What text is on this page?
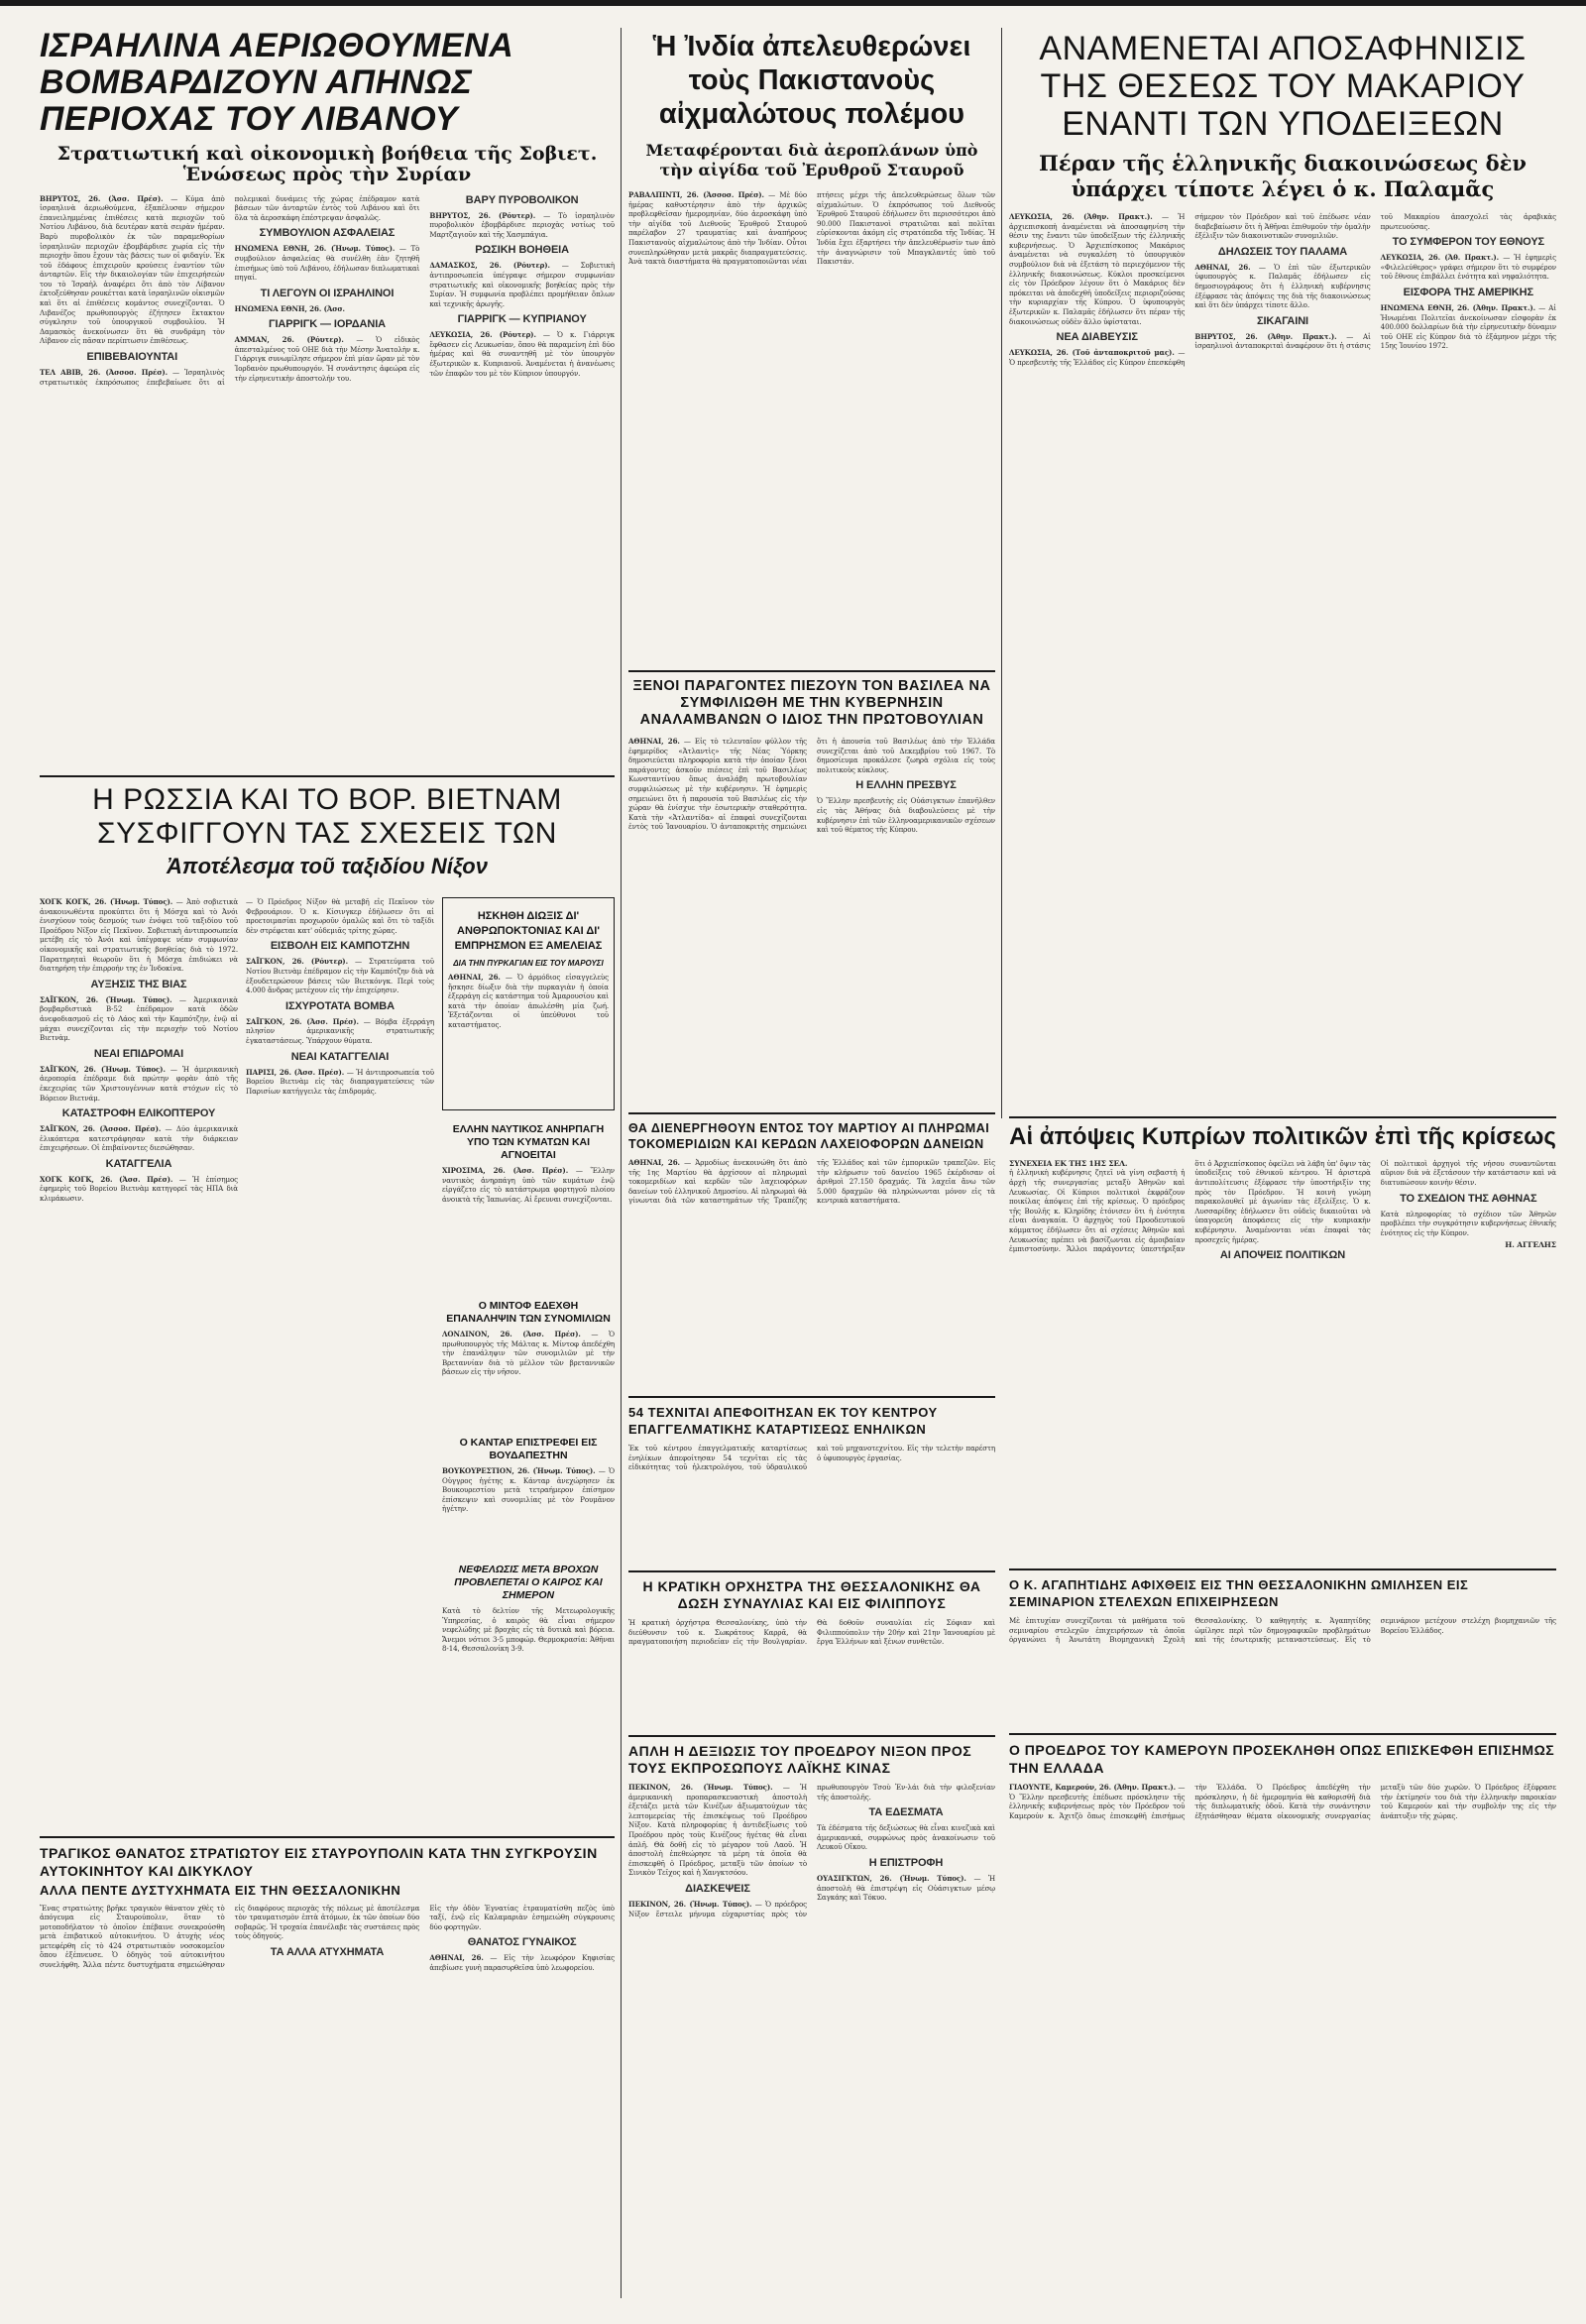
ΙΣΡΑΗΛΙΝΑ ΑΕΡΙΩΘΟΥΜΕΝΑ ΒΟΜΒΑΡΔΙΖΟΥΝ ΑΠΗΝΩΣ ΠΕΡΙΟΧΑΣ ΤΟΥ ΛΙΒΑΝΟΥ
Στρατιωτική καὶ οἰκονομικὴ βοήθεια τῆς Σοβιετ. Ἑνώσεως πρὸς τὴν Συρίαν

ΒΗΡΥΤΟΣ, 26. (Ἀσσ. Πρέσ). — Κύμα ἀπὸ ἰσραηλινὰ ἀεριωθούμενα, ἐξαπέλυσαν σήμερον ἐπανειλημμένας ἐπιθέσεις κατὰ περιοχῶν τοῦ Νοτίου Λιβάνου, διὰ δευτέραν κατὰ σειρὰν ἡμέραν. Βαρὺ πυροβολικὸν ἐκ τῶν παραμεθορίων ἰσραηλινῶν περιοχῶν ἐβομβάρδισε χωρία εἰς τὴν περιοχὴν ὅπου ἔχουν τὰς βάσεις των οἱ φιδαγίν. Ἐκ τοῦ ἐδάφους ἐπιχειροῦν κρούσεις ἐναντίον τῶν ἀνταρτῶν. Εἰς τὴν δικαιολογίαν τῶν ἐπιχειρήσεών του τὸ Ἰσραὴλ ἀναφέρει ὅτι ἀπὸ τὸν Λίβανον ἐκτοξεύθησαν ρουκέτται κατὰ ἰσραηλινῶν οἰκισμῶν καὶ ὅτι αἱ ἐπιθέσεις κομάντος συνεχίζονται. Ὁ Λιβανέζος πρωθυπουργὸς ἐζήτησεν ἔκτακτον σύγκλησιν τοῦ ὑπουργικοῦ συμβουλίου. Ἡ Δαμασκὸς ἀνεκοίνωσεν ὅτι θὰ συνδράμη τὸν Λίβανον εἰς πᾶσαν περίπτωσιν ἐπιθέσεως.

ΕΠΙΒΕΒΑΙΟΥΝΤΑΙ

ΤΕΛ ΑΒΙΒ, 26. (Ἀσσοσ. Πρέσ). — Ἰσραηλινὸς στρατιωτικὸς ἐκπρόσωπος ἐπεβεβαίωσε ὅτι αἱ πολεμικαὶ δυνάμεις τῆς χώρας ἐπέδραμον κατὰ βάσεων τῶν ἀνταρτῶν ἐντὸς τοῦ Λιβάνου καὶ ὅτι ὅλα τὰ ἀεροσκάφη ἐπέστρεψαν ἀσφαλῶς.

ΣΥΜΒΟΥΛΙΟΝ ΑΣΦΑΛΕΙΑΣ

ΗΝΩΜΕΝΑ ΕΘΝΗ, 26. (Ἡνωμ. Τύπος). — Τὸ συμβούλιον ἀσφαλείας θὰ συνέλθη ἐὰν ζητηθῆ ἐπισήμως ὑπὸ τοῦ Λιβάνου, ἐδήλωσαν διπλωματικαὶ πηγαί.

ΤΙ ΛΕΓΟΥΝ ΟΙ ΙΣΡΑΗΛΙΝΟΙ

ΗΝΩΜΕΝΑ ΕΘΝΗ, 26. (Ἀσσ.

ΓΙΑΡΡΙΓΚ — ΙΟΡΔΑΝΙΑ

ΑΜΜΑΝ, 26. (Ρόυτερ). — Ὁ εἰδικὸς ἀπεσταλμένος τοῦ ΟΗΕ διὰ τὴν Μέσην Ἀνατολὴν κ. Γιάρριγκ συνωμίλησε σήμερον ἐπὶ μίαν ὥραν μὲ τὸν Ἰορδανὸν πρωθυπουργόν. Ἡ συνάντησις ἀφεώρα εἰς τὴν εἰρηνευτικὴν ἀποστολήν του.

ΒΑΡΥ ΠΥΡΟΒΟΛΙΚΟΝ

ΒΗΡΥΤΟΣ, 26. (Ρόυτερ). — Τὸ ἰσραηλινὸν πυροβολικὸν ἐβομβάρδισε περιοχὰς νοτίως τοῦ Μαρτζαγιοῦν καὶ τῆς Χασμπάγια.

ΡΩΣΙΚΗ ΒΟΗΘΕΙΑ

ΔΑΜΑΣΚΟΣ, 26. (Ρόυτερ). — Σοβιετικὴ ἀντιπροσωπεία ὑπέγραψε σήμερον συμφωνίαν στρατιωτικῆς καὶ οἰκονομικῆς βοηθείας πρὸς τὴν Συρίαν. Ἡ συμφωνία προβλέπει προμήθειαν ὅπλων καὶ τεχνικῆς ἀρωγῆς.

ΓΙΑΡΡΙΓΚ — ΚΥΠΡΙΑΝΟΥ

ΛΕΥΚΩΣΙΑ, 26. (Ρόυτερ). — Ὁ κ. Γιάρριγκ ἔφθασεν εἰς Λευκωσίαν, ὅπου θὰ παραμείνη ἐπὶ δύο ἡμέρας καὶ θὰ συναντηθῆ μὲ τὸν ὑπουργὸν ἐξωτερικῶν κ. Κυπριανοῦ. Ἀναμένεται ἡ ἀνανέωσις τῶν ἐπαφῶν του μὲ τὸν Κύπριον ὑπουργόν.

Ἡ Ἰνδία ἀπελευθερώνει τοὺς Πακιστανοὺς αἰχμαλώτους πολέμου
Μεταφέρονται διὰ ἀεροπλάνων ὑπὸ τὴν αἰγίδα τοῦ Ἐρυθροῦ Σταυροῦ

ΡΑΒΑΛΠΙΝΤΙ, 26. (Ἀσσοσ. Πρέσ). — Μὲ δύο ἡμέρας καθυστέρησιν ἀπὸ τὴν ἀρχικῶς προβλεφθεῖσαν ἡμερομηνίαν, δύο ἀεροσκάφη ὑπὸ τὴν αἰγίδα τοῦ Διεθνοῦς Ἐρυθροῦ Σταυροῦ παρέλαβον 27 τραυματίας καὶ ἀναπήρους Πακιστανοὺς αἰχμαλώτους ἀπὸ τὴν Ἰνδίαν. Οὗτοι συνεπληρώθησαν μετὰ μακρᾶς διαπραγματεύσεις. Ἀνὰ τακτὰ διαστήματα θὰ πραγματοποιῶνται νέαι πτήσεις μέχρι τῆς ἀπελευθερώσεως ὅλων τῶν αἰχμαλώτων. Ὁ ἐκπρόσωπος τοῦ Διεθνοῦς Ἐρυθροῦ Σταυροῦ ἐδήλωσεν ὅτι περισσότεροι ἀπὸ 90.000 Πακιστανοὶ στρατιῶται καὶ πολῖται εὑρίσκονται ἀκόμη εἰς στρατόπεδα τῆς Ἰνδίας. Ἡ Ἰνδία ἔχει ἐξαρτήσει τὴν ἀπελευθέρωσίν των ἀπὸ τὴν ἀναγνώρισιν τοῦ Μπαγκλαντές ὑπὸ τοῦ Πακιστάν.

ΑΝΑΜΕΝΕΤΑΙ ΑΠΟΣΑΦΗΝΙΣΙΣ ΤΗΣ ΘΕΣΕΩΣ ΤΟΥ ΜΑΚΑΡΙΟΥ ΕΝΑΝΤΙ ΤΩΝ ΥΠΟΔΕΙΞΕΩΝ
Πέραν τῆς ἑλληνικῆς διακοινώσεως δὲν ὑπάρχει τίποτε λέγει ὁ κ. Παλαμᾶς

ΛΕΥΚΩΣΙΑ, 26. (Ἀθην. Πρακτ.). — Ἡ ἀρχιεπισκοπὴ ἀναμένεται νὰ ἀποσαφηνίση τὴν θέσιν της ἔναντι τῶν ὑποδείξεων τῆς ἑλληνικῆς κυβερνήσεως. Ὁ Ἀρχιεπίσκοπος Μακάριος ἀναμένεται νὰ συγκαλέση τὸ ὑπουργικὸν συμβούλιον διὰ νὰ ἐξετάση τὸ περιεχόμενον τῆς ἑλληνικῆς διακοινώσεως. Κύκλοι προσκείμενοι εἰς τὸν Πρόεδρον λέγουν ὅτι ὁ Μακάριος δὲν πρόκειται νὰ ἀποδεχθῆ ὑποδείξεις περιοριζούσας τὴν κυριαρχίαν τῆς Κύπρου. Ὁ ὑφυπουργὸς ἐξωτερικῶν κ. Παλαμᾶς ἐδήλωσεν ὅτι πέραν τῆς διακοινώσεως οὐδὲν ἄλλο ὑφίσταται.

ΝΕΑ ΔΙΑΒΕΥΣΙΣ

ΛΕΥΚΩΣΙΑ, 26. (Τοῦ ἀνταποκριτοῦ μας). — Ὁ πρεσβευτὴς τῆς Ἑλλάδος εἰς Κύπρον ἐπεσκέφθη σήμερον τὸν Πρόεδρον καὶ τοῦ ἐπέδωσε νέαν διαβεβαίωσιν ὅτι ἡ Ἀθῆναι ἐπιθυμοῦν τὴν ὁμαλὴν ἐξέλιξιν τῶν διακοινοτικῶν συνομιλιῶν.

ΔΗΛΩΣΕΙΣ ΤΟΥ ΠΑΛΑΜΑ

ΑΘΗΝΑΙ, 26. — Ὁ ἐπὶ τῶν ἐξωτερικῶν ὑφυπουργὸς κ. Παλαμᾶς ἐδήλωσεν εἰς δημοσιογράφους ὅτι ἡ ἑλληνικὴ κυβέρνησις ἐξέφρασε τὰς ἀπόψεις της διὰ τῆς διακοινώσεως καὶ ὅτι δὲν ὑπάρχει τίποτε ἄλλο.

ΣΙΚΑΓΑΙΝΙ

ΒΗΡΥΤΟΣ, 26. (Ἀθην. Πρακτ.). — Αἱ ἰσραηλινοὶ ἀνταποκριταὶ ἀναφέρουν ὅτι ἡ στάσις τοῦ Μακαρίου ἀπασχολεῖ τὰς ἀραβικὰς πρωτευούσας.

ΤΟ ΣΥΜΦΕΡΟΝ ΤΟΥ ΕΘΝΟΥΣ

ΛΕΥΚΩΣΙΑ, 26. (Ἀθ. Πρακτ.). — Ἡ ἐφημερὶς «Φιλελεύθερος» γράφει σήμερον ὅτι τὸ συμφέρον τοῦ ἔθνους ἐπιβάλλει ἑνότητα καὶ νηφαλιότητα.

ΕΙΣΦΟΡΑ ΤΗΣ ΑΜΕΡΙΚΗΣ

ΗΝΩΜΕΝΑ ΕΘΝΗ, 26. (Ἀθην. Πρακτ.). — Αἱ Ἡνωμέναι Πολιτεῖαι ἀνεκοίνωσαν εἰσφορὰν ἐκ 400.000 δολλαρίων διὰ τὴν εἰρηνευτικὴν δύναμιν τοῦ ΟΗΕ εἰς Κύπρον διὰ τὸ ἑξάμηνον μέχρι τῆς 15ης Ἰουνίου 1972.

ΞΕΝΟΙ ΠΑΡΑΓΟΝΤΕΣ ΠΙΕΖΟΥΝ ΤΟΝ ΒΑΣΙΛΕΑ ΝΑ ΣΥΜΦΙΛΙΩΘΗ ΜΕ ΤΗΝ ΚΥΒΕΡΝΗΣΙΝ ΑΝΑΛΑΜΒΑΝΩΝ Ο ΙΔΙΟΣ ΤΗΝ ΠΡΩΤΟΒΟΥΛΙΑΝ

ΑΘΗΝΑΙ, 26. — Εἰς τὸ τελευταῖον φύλλον τῆς ἐφημερίδος «Ἀτλαντὶς» τῆς Νέας Ὑόρκης δημοσιεύεται πληροφορία κατὰ τὴν ὁποίαν ξένοι παράγοντες ἀσκοῦν πιέσεις ἐπὶ τοῦ Βασιλέως Κωνσταντίνου ὅπως ἀναλάβη πρωτοβουλίαν συμφιλιώσεως μὲ τὴν κυβέρνησιν. Ἡ ἐφημερὶς σημειώνει ὅτι ἡ παρουσία τοῦ Βασιλέως εἰς τὴν χώραν θὰ ἐνίσχυε τὴν ἐσωτερικὴν σταθερότητα. Κατὰ τὴν «Ἀτλαντίδα» αἱ ἐπαφαὶ συνεχίζονται ἐντὸς τοῦ Ἰανουαρίου. Ὁ ἀνταποκριτὴς σημειώνει ὅτι ἡ ἀπουσία τοῦ Βασιλέως ἀπὸ τὴν Ἑλλάδα συνεχίζεται ἀπὸ τοῦ Δεκεμβρίου τοῦ 1967. Τὸ δημοσίευμα προκάλεσε ζωηρὰ σχόλια εἰς τοὺς πολιτικοὺς κύκλους.

Η ΕΛΛΗΝ ΠΡΕΣΒΥΣ

Ὁ Ἕλλην πρεσβευτὴς εἰς Οὐάσιγκτων ἐπανῆλθεν εἰς τὰς Ἀθήνας διὰ διαβουλεύσεις μὲ τὴν κυβέρνησιν ἐπὶ τῶν ἑλληνοαμερικανικῶν σχέσεων καὶ τοῦ θέματος τῆς Κύπρου.

Η ΡΩΣΣΙΑ ΚΑΙ ΤΟ ΒΟΡ. ΒΙΕΤΝΑΜ ΣΥΣΦΙΓΓΟΥΝ ΤΑΣ ΣΧΕΣΕΙΣ ΤΩΝ
Ἀποτέλεσμα τοῦ ταξιδίου Νίξον

ΧΟΓΚ ΚΟΓΚ, 26. (Ἡνωμ. Τύπος). — Ἀπὸ σοβιετικὰ ἀνακοινωθέντα προκύπτει ὅτι ἡ Μόσχα καὶ τὸ Ἀνόι ἐνισχύουν τοὺς δεσμούς των ἐνόψει τοῦ ταξιδίου τοῦ Προέδρου Νίξον εἰς Πεκῖνον. Σοβιετικὴ ἀντιπροσωπεία μετέβη εἰς τὸ Ἀνόι καὶ ὑπέγραψε νέαν συμφωνίαν οἰκονομικῆς καὶ στρατιωτικῆς βοηθείας διὰ τὸ 1972. Παρατηρηταὶ θεωροῦν ὅτι ἡ Μόσχα ἐπιδιώκει νὰ διατηρήση τὴν ἐπιρροήν της ἐν Ἰνδοκίνα.

ΑΥΞΗΣΙΣ ΤΗΣ ΒΙΑΣ

ΣΑΪΓΚΟΝ, 26. (Ἡνωμ. Τύπος). — Ἀμερικανικὰ βομβαρδιστικὰ Β-52 ἐπέδραμον κατὰ ὁδῶν ἀνεφοδιασμοῦ εἰς τὸ Λάος καὶ τὴν Καμπότζην, ἐνῷ αἱ μάχαι συνεχίζονται εἰς τὴν περιοχὴν τοῦ Νοτίου Βιετνὰμ.

ΝΕΑΙ ΕΠΙΔΡΟΜΑΙ

ΣΑΪΓΚΟΝ, 26. (Ἡνωμ. Τύπος). — Ἡ ἀμερικανικὴ ἀεροπορία ἐπέδραμε διὰ πρώτην φορὰν ἀπὸ τῆς ἐκεχειρίας τῶν Χριστουγέννων κατὰ στόχων εἰς τὸ Βόρειον Βιετνάμ.

ΚΑΤΑΣΤΡΟΦΗ ΕΛΙΚΟΠΤΕΡΟΥ

ΣΑΪΓΚΟΝ, 26. (Ἀσσοσ. Πρέσ). — Δύο ἀμερικανικὰ ἑλικόπτερα κατεστράφησαν κατὰ τὴν διάρκειαν ἐπιχειρήσεων. Οἱ ἐπιβαίνοντες διεσώθησαν.

ΚΑΤΑΓΓΕΛΙΑ

ΧΟΓΚ ΚΟΓΚ, 26. (Ἀσσ. Πρέσ). — Ἡ ἐπίσημος ἐφημερὶς τοῦ Βορείου Βιετνὰμ κατηγορεῖ τὰς ΗΠΑ διὰ κλιμάκωσιν.

— Ὁ Πρόεδρος Νίξον θὰ μεταβῆ εἰς Πεκῖνον τὸν Φεβρουάριον. Ὁ κ. Κίσινγκερ ἐδήλωσεν ὅτι αἱ προετοιμασίαι προχωροῦν ὁμαλῶς καὶ ὅτι τὸ ταξίδι δὲν στρέφεται κατ' οὐδεμιᾶς τρίτης χώρας.

ΕΙΣΒΟΛΗ ΕΙΣ ΚΑΜΠΟΤΖΗΝ

ΣΑΪΓΚΟΝ, 26. (Ρόυτερ). — Στρατεύματα τοῦ Νοτίου Βιετνὰμ ἐπέδραμον εἰς τὴν Καμπότζην διὰ νὰ ἐξουδετερώσουν βάσεις τῶν Βιετκόνγκ. Περὶ τοὺς 4.000 ἄνδρας μετέχουν εἰς τὴν ἐπιχείρησιν.

ΙΣΧΥΡΟΤΑΤΑ ΒΟΜΒΑ

ΣΑΪΓΚΟΝ, 26. (Ἀσσ. Πρέσ). — Βόμβα ἐξερράγη πλησίον ἀμερικανικῆς στρατιωτικῆς ἐγκαταστάσεως. Ὑπάρχουν θύματα.

ΝΕΑΙ ΚΑΤΑΓΓΕΛΙΑΙ

ΠΑΡΙΣΙ, 26. (Ἀσσ. Πρέσ). — Ἡ ἀντιπροσωπεία τοῦ Βορείου Βιετνὰμ εἰς τὰς διαπραγματεύσεις τῶν Παρισίων κατήγγειλε τὰς ἐπιδρομάς.

ΗΣΚΗΘΗ ΔΙΩΞΙΣ ΔΙ' ΑΝΘΡΩΠΟΚΤΟΝΙΑΣ ΚΑΙ ΔΙ' ΕΜΠΡΗΣΜΟΝ ΕΞ ΑΜΕΛΕΙΑΣ
ΔΙΑ ΤΗΝ ΠΥΡΚΑΓΙΑΝ ΕΙΣ ΤΟΥ ΜΑΡΟΥΣΙ

ΑΘΗΝΑΙ, 26. — Ὁ ἀρμόδιος εἰσαγγελεὺς ἤσκησε δίωξιν διὰ τὴν πυρκαγιὰν ἡ ὁποία ἐξερράγη εἰς κατάστημα τοῦ Ἀμαρουσίου καὶ κατὰ τὴν ὁποίαν ἀπωλέσθη μία ζωή. Ἐξετάζονται οἱ ὑπεύθυνοι τοῦ καταστήματος.

ΕΛΛΗΝ ΝΑΥΤΙΚΟΣ ΑΝΗΡΠΑΓΗ ΥΠΟ ΤΩΝ ΚΥΜΑΤΩΝ ΚΑΙ ΑΓΝΟΕΙΤΑΙ

ΧΙΡΟΣΙΜΑ, 26. (Ἀσσ. Πρέσ). — Ἕλλην ναυτικὸς ἀνηρπάγη ὑπὸ τῶν κυμάτων ἐνῷ εἰργάζετο εἰς τὸ κατάστρωμα φορτηγοῦ πλοίου ἀνοικτὰ τῆς Ἰαπωνίας. Αἱ ἔρευναι συνεχίζονται.

Ο ΜΙΝΤΟΦ ΕΔΕΧΘΗ ΕΠΑΝΑΛΗΨΙΝ ΤΩΝ ΣΥΝΟΜΙΛΙΩΝ

ΛΟΝΔΙΝΟΝ, 26. (Ἀσσ. Πρέσ). — Ὁ πρωθυπουργὸς τῆς Μάλτας κ. Μίντοφ ἀπεδέχθη τὴν ἐπανάληψιν τῶν συνομιλιῶν μὲ τὴν Βρεταννίαν διὰ τὸ μέλλον τῶν βρεταννικῶν βάσεων εἰς τὴν νῆσον.

Ο ΚΑΝΤΑΡ ΕΠΙΣΤΡΕΦΕΙ ΕΙΣ ΒΟΥΔΑΠΕΣΤΗΝ

ΒΟΥΚΟΥΡΕΣΤΙΟΝ, 26. (Ἡνωμ. Τύπος). — Ὁ Οὑγγρος ἡγέτης κ. Κάνταρ ἀνεχώρησεν ἐκ Βουκουρεστίου μετὰ τετραήμερον ἐπίσημον ἐπίσκεψιν καὶ συνομιλίας μὲ τὸν Ρουμᾶνον ἡγέτην.

ΝΕΦΕΛΩΣΙΣ ΜΕΤΑ ΒΡΟΧΩΝ ΠΡΟΒΛΕΠΕΤΑΙ Ο ΚΑΙΡΟΣ ΚΑΙ ΣΗΜΕΡΟΝ

Κατὰ τὸ δελτίον τῆς Μετεωρολογικῆς Ὑπηρεσίας, ὁ καιρὸς θὰ εἶναι σήμερον νεφελώδης μὲ βροχὰς εἰς τὰ δυτικὰ καὶ βόρεια. Ἄνεμοι νότιοι 3-5 μποφώρ. Θερμοκρασία: Ἀθῆναι 8-14, Θεσσαλονίκη 3-9.

ΘΑ ΔΙΕΝΕΡΓΗΘΟΥΝ ΕΝΤΟΣ ΤΟΥ ΜΑΡΤΙΟΥ ΑΙ ΠΛΗΡΩΜΑΙ ΤΟΚΟΜΕΡΙΔΙΩΝ ΚΑΙ ΚΕΡΔΩΝ ΛΑΧΕΙΟΦΟΡΩΝ ΔΑΝΕΙΩΝ

ΑΘΗΝΑΙ, 26. — Ἀρμοδίως ἀνεκοινώθη ὅτι ἀπὸ τῆς 1ης Μαρτίου θὰ ἀρχίσουν αἱ πληρωμαὶ τοκομεριδίων καὶ κερδῶν τῶν λαχειοφόρων δανείων τοῦ ἑλληνικοῦ Δημοσίου. Αἱ πληρωμαὶ θὰ γίνωνται διὰ τῶν καταστημάτων τῆς Τραπέζης τῆς Ἑλλάδος καὶ τῶν ἐμπορικῶν τραπεζῶν. Εἰς τὴν κλήρωσιν τοῦ δανείου 1965 ἐκέρδισαν οἱ ἀριθμοὶ 27.150 δραχμάς. Τὰ λαχεῖα ἄνω τῶν 5.000 δραχμῶν θὰ πληρώνωνται μόνον εἰς τὰ κεντρικὰ καταστήματα.

54 ΤΕΧΝΙΤΑΙ ΑΠΕΦΟΙΤΗΣΑΝ ΕΚ ΤΟΥ ΚΕΝΤΡΟΥ ΕΠΑΓΓΕΛΜΑΤΙΚΗΣ ΚΑΤΑΡΤΙΣΕΩΣ ΕΝΗΛΙΚΩΝ

Ἐκ τοῦ κέντρου ἐπαγγελματικῆς καταρτίσεως ἐνηλίκων ἀπεφοίτησαν 54 τεχνῖται εἰς τὰς εἰδικότητας τοῦ ἠλεκτρολόγου, τοῦ ὑδραυλικοῦ καὶ τοῦ μηχανοτεχνίτου. Εἰς τὴν τελετὴν παρέστη ὁ ὑφυπουργὸς ἐργασίας.

Η ΚΡΑΤΙΚΗ ΟΡΧΗΣΤΡΑ ΤΗΣ ΘΕΣΣΑΛΟΝΙΚΗΣ ΘΑ ΔΩΣΗ ΣΥΝΑΥΛΙΑΣ ΚΑΙ ΕΙΣ ΦΙΛΙΠΠΟΥΣ

Ἡ κρατικὴ ὀρχήστρα Θεσσαλονίκης, ὑπὸ τὴν διεύθυνσιν τοῦ κ. Σωκράτους Καρρᾶ, θὰ πραγματοποιήση περιοδείαν εἰς τὴν Βουλγαρίαν. Θὰ δοθοῦν συναυλίαι εἰς Σόφιαν καὶ Φιλιππούπολιν τὴν 20ήν καὶ 21ην Ἰανουαρίου μὲ ἔργα Ἑλλήνων καὶ ξένων συνθετῶν.

ΑΠΛΗ Η ΔΕΞΙΩΣΙΣ ΤΟΥ ΠΡΟΕΔΡΟΥ ΝΙΞΟΝ ΠΡΟΣ ΤΟΥΣ ΕΚΠΡΟΣΩΠΟΥΣ ΛΑΪΚΗΣ ΚΙΝΑΣ

ΠΕΚΙΝΟΝ, 26. (Ἡνωμ. Τύπος). — Ἡ ἀμερικανικὴ προπαρασκευαστικὴ ἀποστολὴ ἐξετάζει μετὰ τῶν Κινέζων ἀξιωματούχων τὰς λεπτομερείας τῆς ἐπισκέψεως τοῦ Προέδρου Νίξον. Κατὰ πληροφορίας ἡ ἀντιδεξίωσις τοῦ Προέδρου πρὸς τοὺς Κινέζους ἡγέτας θὰ εἶναι ἁπλῆ. Θὰ δοθῆ εἰς τὸ μέγαρον τοῦ Λαοῦ. Ἡ ἀποστολὴ ἐπεθεώρησε τὰ μέρη τὰ ὁποῖα θὰ ἐπισκεφθῆ ὁ Πρόεδρος, μεταξὺ τῶν ὁποίων τὸ Σινικὸν Τεῖχος καὶ ἡ Χανγκτσόου.

ΔΙΑΣΚΕΨΕΙΣ

ΠΕΚΙΝΟΝ, 26. (Ἡνωμ. Τύπος). — Ὁ πρόεδρος Νίξον ἔστειλε μήνυμα εὐχαριστίας πρὸς τὸν πρωθυπουργὸν Τσοὺ Ἐν-λάι διὰ τὴν φιλοξενίαν τῆς ἀποστολῆς.

ΤΑ ΕΔΕΣΜΑΤΑ

Τὰ ἐδέσματα τῆς δεξιώσεως θὰ εἶναι κινεζικὰ καὶ ἀμερικανικά, συμφώνως πρὸς ἀνακοίνωσιν τοῦ Λευκοῦ Οἴκου.

Η ΕΠΙΣΤΡΟΦΗ

ΟΥΑΣΙΓΚΤΩΝ, 26. (Ἡνωμ. Τύπος). — Ἡ ἀποστολὴ θὰ ἐπιστρέψη εἰς Οὐάσιγκτων μέσῳ Σαγκάης καὶ Τόκυο.

Αἱ ἀπόψεις Κυπρίων πολιτικῶν ἐπὶ τῆς κρίσεως
ΣΥΝΕΧΕΙΑ ΕΚ ΤΗΣ 1ΗΣ ΣΕΛ.

ἡ ἑλληνικὴ κυβέρνησις ζητεῖ νὰ γίνη σεβαστὴ ἡ ἀρχὴ τῆς συνεργασίας μεταξὺ Ἀθηνῶν καὶ Λευκωσίας. Οἱ Κύπριοι πολιτικοὶ ἐκφράζουν ποικίλας ἀπόψεις ἐπὶ τῆς κρίσεως. Ὁ πρόεδρος τῆς Βουλῆς κ. Κληρίδης ἐτόνισεν ὅτι ἡ ἑνότητα εἶναι ἀναγκαία. Ὁ ἀρχηγὸς τοῦ Προοδευτικοῦ κόμματος ἐδήλωσεν ὅτι αἱ σχέσεις Ἀθηνῶν καὶ Λευκωσίας πρέπει νὰ βασίζωνται εἰς ἀμοιβαίαν ἐμπιστοσύνην. Ἄλλοι παράγοντες ὑπεστήριξαν ὅτι ὁ Ἀρχιεπίσκοπος ὀφείλει νὰ λάβη ὑπ' ὄψιν τὰς ὑποδείξεις τοῦ ἐθνικοῦ κέντρου. Ἡ ἀριστερὰ ἀντιπολίτευσις ἐξέφρασε τὴν ὑποστήριξίν της πρὸς τὸν Πρόεδρον. Ἡ κοινὴ γνώμη παρακολουθεῖ μὲ ἀγωνίαν τὰς ἐξελίξεις. Ὁ κ. Λυσσαρίδης ἐδήλωσεν ὅτι οὐδεὶς δικαιοῦται νὰ ὑπαγορεύη ἀποφάσεις εἰς τὴν κυπριακὴν κυβέρνησιν. Ἀναμένονται νέαι ἐπαφαὶ τὰς προσεχεῖς ἡμέρας.

ΑΙ ΑΠΟΨΕΙΣ ΠΟΛΙΤΙΚΩΝ

Οἱ πολιτικοὶ ἀρχηγοὶ τῆς νήσου συναντῶνται αὔριον διὰ νὰ ἐξετάσουν τὴν κατάστασιν καὶ νὰ διατυπώσουν κοινὴν θέσιν.

ΤΟ ΣΧΕΔΙΟΝ ΤΗΣ ΑΘΗΝΑΣ

Κατὰ πληροφορίας τὸ σχέδιον τῶν Ἀθηνῶν προβλέπει τὴν συγκρότησιν κυβερνήσεως ἐθνικῆς ἑνότητος εἰς τὴν Κύπρον.

Η. ΑΓΓΕΛΗΣ
Ο Κ. ΑΓΑΠΗΤΙΔΗΣ ΑΦΙΧΘΕΙΣ ΕΙΣ ΤΗΝ ΘΕΣΣΑΛΟΝΙΚΗΝ ΩΜΙΛΗΣΕΝ ΕΙΣ ΣΕΜΙΝΑΡΙΟΝ ΣΤΕΛΕΧΩΝ ΕΠΙΧΕΙΡΗΣΕΩΝ

Μὲ ἐπιτυχίαν συνεχίζονται τὰ μαθήματα τοῦ σεμιναρίου στελεχῶν ἐπιχειρήσεων τὰ ὁποῖα ὀργανώνει ἡ Ἀνωτάτη Βιομηχανικὴ Σχολὴ Θεσσαλονίκης. Ὁ καθηγητὴς κ. Ἀγαπητίδης ὡμίλησε περὶ τῶν δημογραφικῶν προβλημάτων καὶ τῆς ἐσωτερικῆς μεταναστεύσεως. Εἰς τὸ σεμινάριον μετέχουν στελέχη βιομηχανιῶν τῆς Βορείου Ἑλλάδος.

Ο ΠΡΟΕΔΡΟΣ ΤΟΥ ΚΑΜΕΡΟΥΝ ΠΡΟΣΕΚΛΗΘΗ ΟΠΩΣ ΕΠΙΣΚΕΦΘΗ ΕΠΙΣΗΜΩΣ ΤΗΝ ΕΛΛΑΔΑ

ΓΙΑΟΥΝΤΕ, Καμερούν, 26. (Ἀθην. Πρακτ.). — Ὁ Ἕλλην πρεσβευτὴς ἐπέδωσε πρόσκλησιν τῆς ἑλληνικῆς κυβερνήσεως πρὸς τὸν Πρόεδρον τοῦ Καμερούν κ. Ἀχιτζὸ ὅπως ἐπισκεφθῆ ἐπισήμως τὴν Ἑλλάδα. Ὁ Πρόεδρος ἀπεδέχθη τὴν πρόσκλησιν, ἡ δὲ ἡμερομηνία θὰ καθορισθῆ διὰ τῆς διπλωματικῆς ὁδοῦ. Κατὰ τὴν συνάντησιν ἐξητάσθησαν θέματα οἰκονομικῆς συνεργασίας μεταξὺ τῶν δύο χωρῶν. Ὁ Πρόεδρος ἐξέφρασε τὴν ἐκτίμησίν του διὰ τὴν ἑλληνικὴν παροικίαν τοῦ Καμερούν καὶ τὴν συμβολήν της εἰς τὴν ἀνάπτυξιν τῆς χώρας.

ΤΡΑΓΙΚΟΣ ΘΑΝΑΤΟΣ ΣΤΡΑΤΙΩΤΟΥ ΕΙΣ ΣΤΑΥΡΟΥΠΟΛΙΝ ΚΑΤΑ ΤΗΝ ΣΥΓΚΡΟΥΣΙΝ ΑΥΤΟΚΙΝΗΤΟΥ ΚΑΙ ΔΙΚΥΚΛΟΥ
ΑΛΛΑ ΠΕΝΤΕ ΔΥΣΤΥΧΗΜΑΤΑ ΕΙΣ ΤΗΝ ΘΕΣΣΑΛΟΝΙΚΗΝ

Ἕνας στρατιώτης βρῆκε τραγικὸν θάνατον χθὲς τὸ ἀπόγευμα εἰς Σταυρούπολιν, ὅταν τὸ μοτοποδήλατον τὸ ὁποῖον ἐπέβαινε συνεκρούσθη μετὰ ἐπιβατικοῦ αὐτοκινήτου. Ὁ ἀτυχὴς νέος μετεφέρθη εἰς τὸ 424 στρατιωτικὸν νοσοκομεῖον ὅπου ἐξέπνευσε. Ὁ ὁδηγὸς τοῦ αὐτοκινήτου συνελήφθη. Ἄλλα πέντε δυστυχήματα σημειώθησαν εἰς διαφόρους περιοχὰς τῆς πόλεως μὲ ἀποτέλεσμα τὸν τραυματισμὸν ἑπτὰ ἀτόμων, ἐκ τῶν ὁποίων δύο σοβαρῶς. Ἡ τροχαία ἐπανέλαβε τὰς συστάσεις πρὸς τοὺς ὁδηγούς.

ΤΑ ΑΛΛΑ ΑΤΥΧΗΜΑΤΑ

Εἰς τὴν ὁδὸν Ἐγνατίας ἐτραυματίσθη πεζὸς ὑπὸ ταξί, ἐνῷ εἰς Καλαμαριὰν ἐσημειώθη σύγκρουσις δύο φορτηγῶν.

ΘΑΝΑΤΟΣ ΓΥΝΑΙΚΟΣ

ΑΘΗΝΑΙ, 26. — Εἰς τὴν λεωφόρον Κηφισίας ἀπεβίωσε γυνὴ παρασυρθεῖσα ὑπὸ λεωφορείου.
